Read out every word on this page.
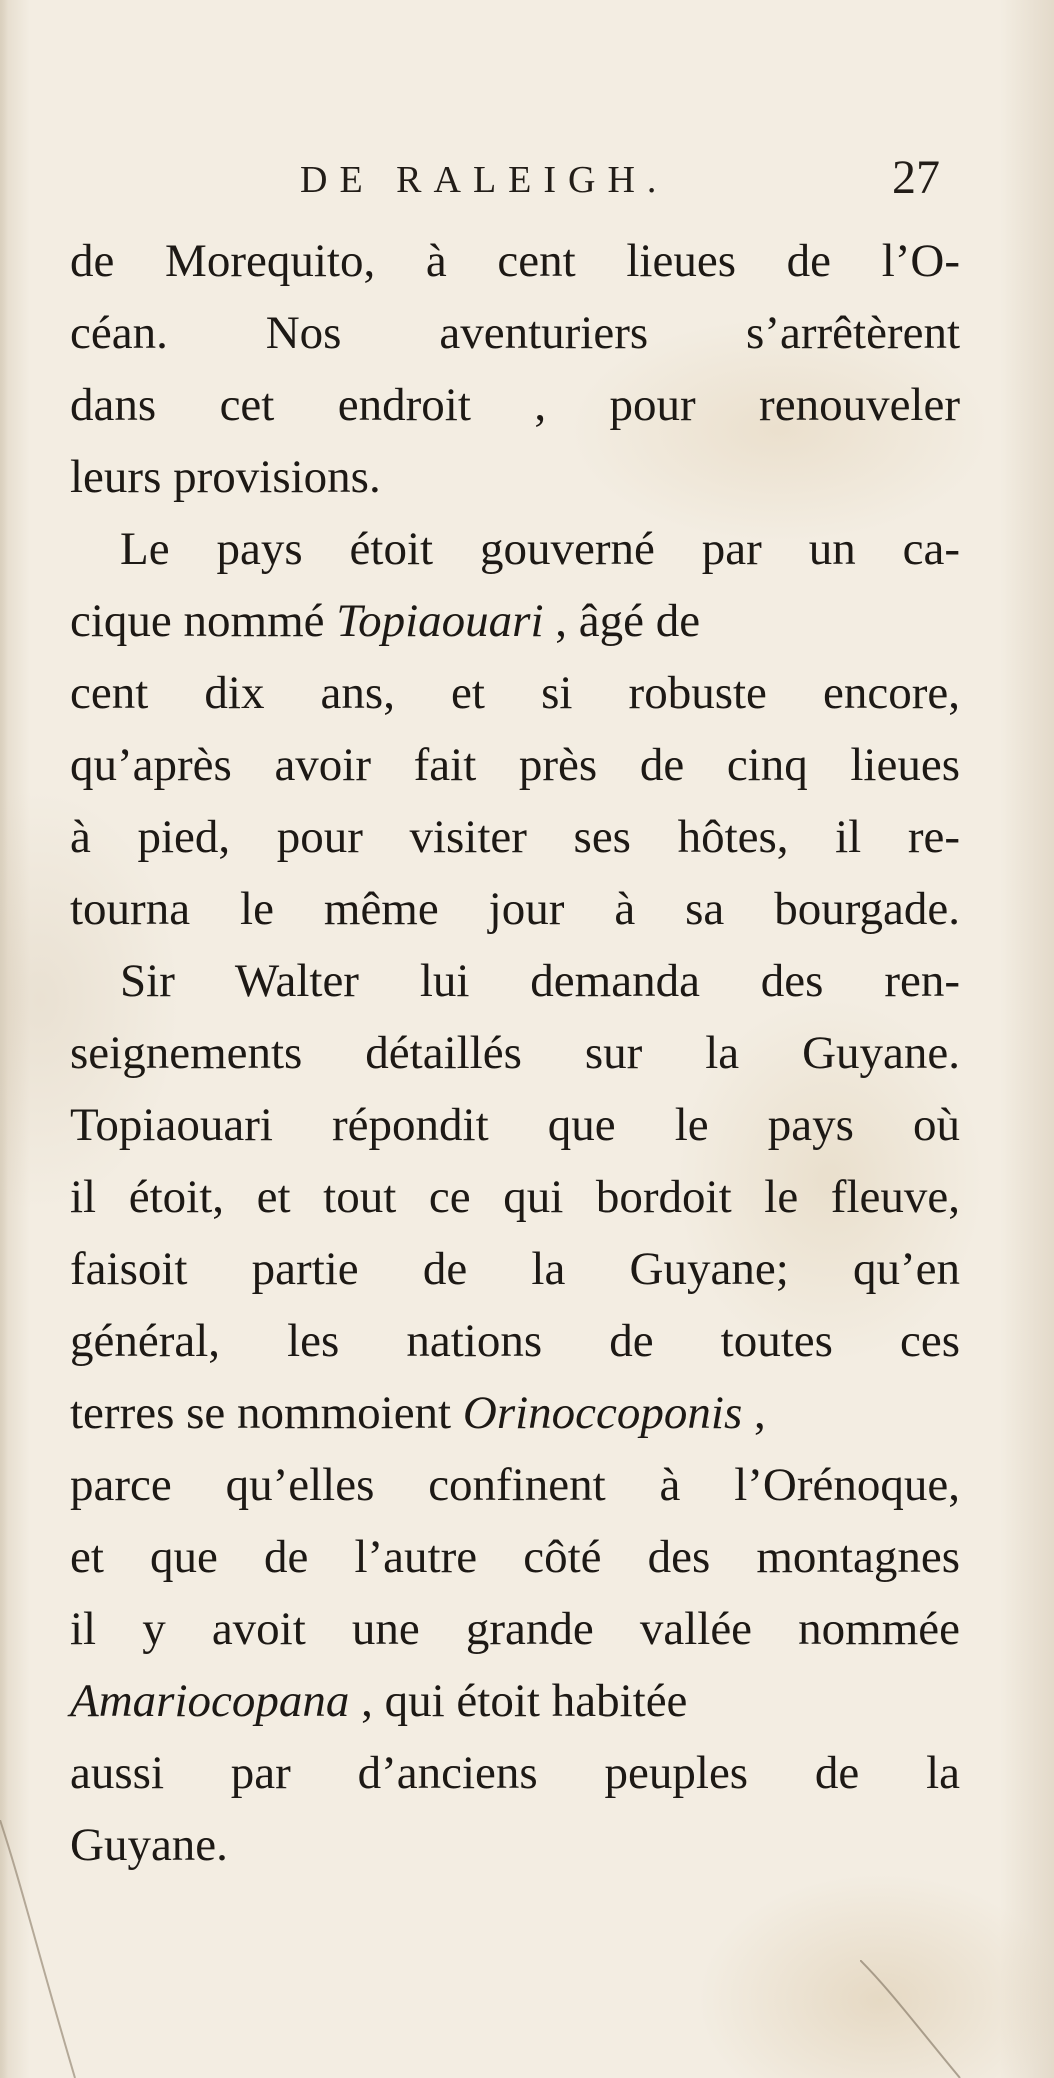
DE RALEIGH.	27
de Morequito, à cent lieues de l’O-
céan. Nos aventuriers s’arrêtèrent
dans cet endroit , pour renouveler
leurs provisions.
Le pays étoit gouverné par un ca-
cique nommé Topiaouari , âgé de
cent dix ans, et si robuste encore,
qu’après avoir fait près de cinq lieues
à pied, pour visiter ses hôtes, il re-
tourna le même jour à sa bourgade.
Sir Walter lui demanda des ren-
seignements détaillés sur la Guyane.
Topiaouari répondit que le pays où
il étoit, et tout ce qui bordoit le fleuve,
faisoit partie de la Guyane; qu’en
général, les nations de toutes ces
terres se nommoient Orinoccoponis ,
parce qu’elles confinent à l’Orénoque,
et que de l’autre côté des montagnes
il y avoit une grande vallée nommée
Amariocopana , qui étoit habitée
aussi par d’anciens peuples de la
Guyane.
